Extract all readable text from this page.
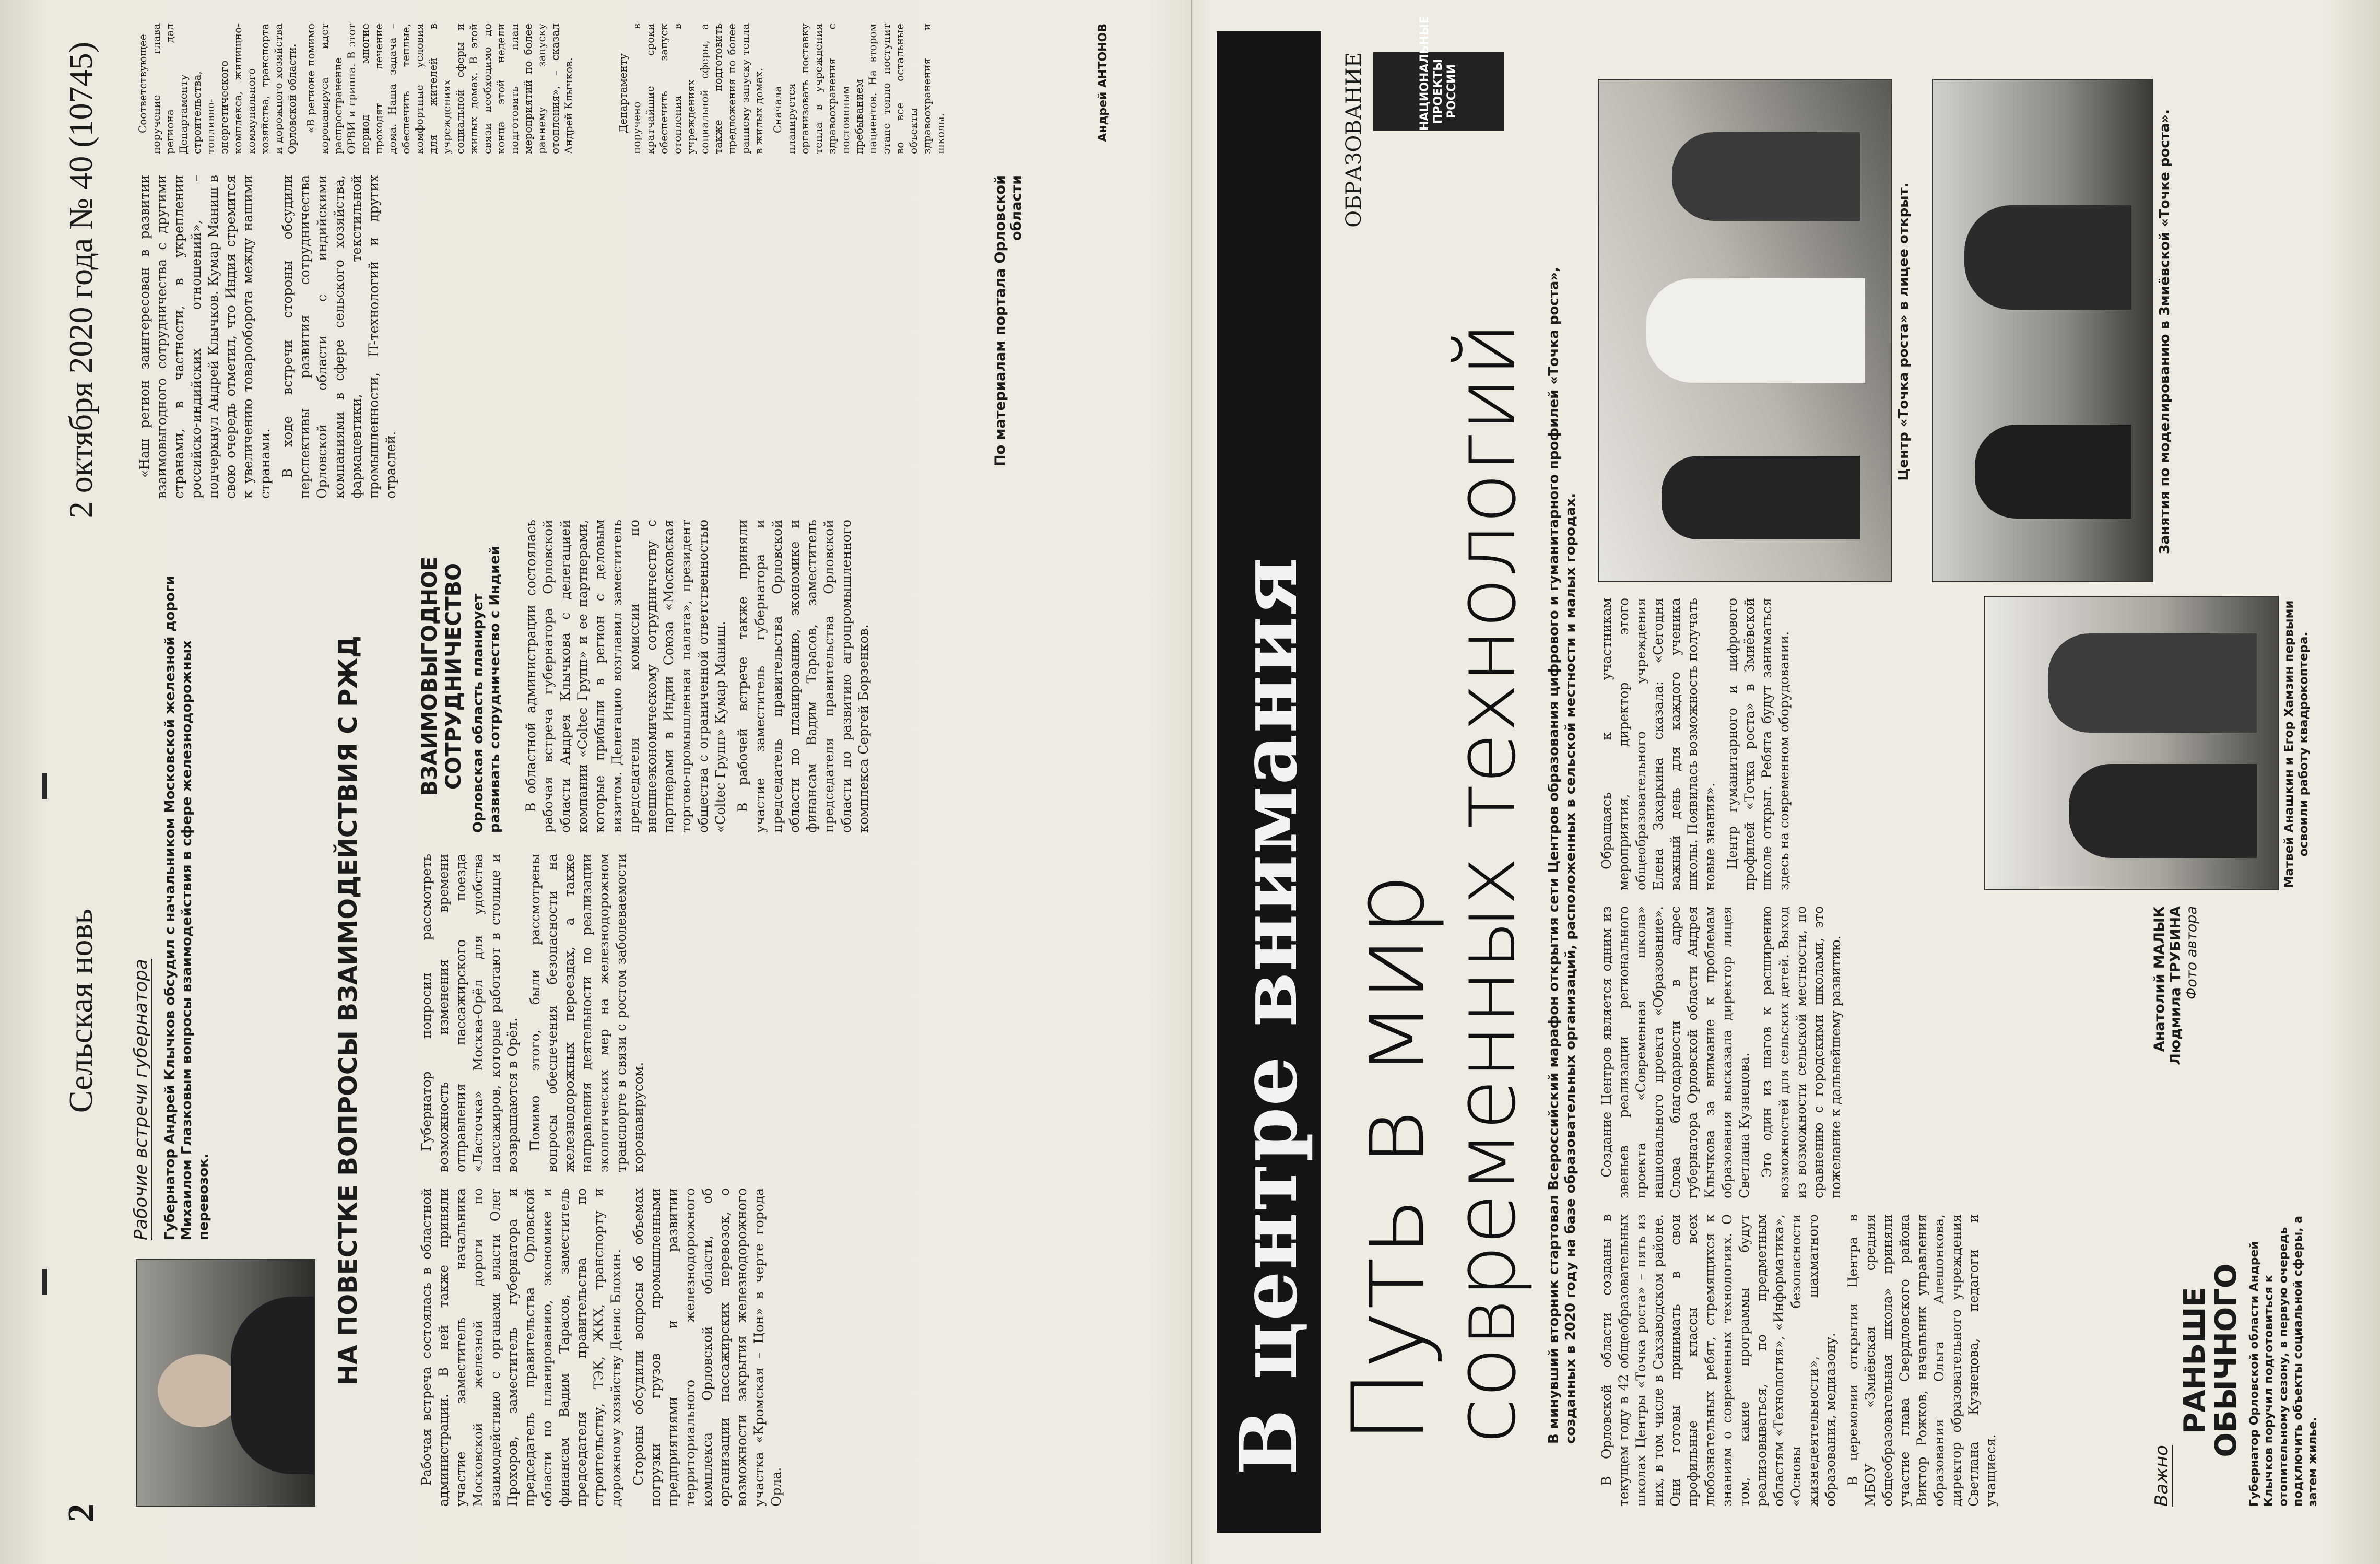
2
Сельская новь
2 октября 2020 года № 40 (10745)
Рабочие встречи губернатора Губернатор Андрей Клычков обсудил с начальником Московской железной дороги Михаилом Глазковым вопросы взаимодействия в сфере железнодорожных перевозок.	НА ПОВЕСТКЕ ВОПРОСЫ ВЗАИМОДЕЙСТВИЯ С РЖД	Рабочая встреча состоялась в областной администрации. В ней также приняли участие заместитель начальника Московской железной дороги по взаимодействию с органами власти Олег Прохоров, заместитель губернатора и председатель правительства Орловской области по планированию, экономике и финансам Вадим Тарасов, заместитель председателя правительства по строительству, ТЭК, ЖКХ, транспорту и дорожному хозяйству Денис Блохин. Стороны обсудили вопросы об объемах погрузки грузов промышленными предприятиями и развитии территориального железнодорожного комплекса Орловской области, об организации пассажирских перевозок, о возможности закрытия железнодорожного участка «Кромская – Цон» в черте города Орла.

Губернатор попросил рассмотреть возможность изменения времени отправления пассажирского поезда «Ласточка» Москва-Орёл для удобства пассажиров, которые работают в столице и возвращаются в Орёл. Помимо этого, были рассмотрены вопросы обеспечения безопасности на железнодорожных переездах, а также направления деятельности по реализации экологических мер на железнодорожном транспорте в связи с ростом заболеваемости коронавирусом.

ВЗАИМОВЫГОДНОЕ СОТРУДНИЧЕСТВО Орловская область планирует развивать сотрудничество с Индией В областной администрации состоялась рабочая встреча губернатора Орловской области Андрея Клычкова с делегацией компании «Coltec Групп» и ее партнерами, которые прибыли в регион с деловым визитом. Делегацию возглавил заместитель председателя комиссии по внешнеэкономическому сотрудничеству с партнерами в Индии Союза «Московская торгово-промышленная палата», президент общества с ограниченной ответственностью «Coltec Групп» Кумар Маниш. В рабочей встрече также приняли участие заместитель губернатора и председатель правительства Орловской области по планированию, экономике и финансам Вадим Тарасов, заместитель председателя правительства Орловской области по развитию агропромышленного комплекса Сергей Борзенков.

«Наш регион заинтересован в развитии взаимовыгодного сотрудничества с другими странами, в частности, в укреплении российско-индийских отношений», – подчеркнул Андрей Клычков. Кумар Маниш в свою очередь отметил, что Индия стремится к увеличению товарооборота между нашими странами. В ходе встречи стороны обсудили перспективы развития сотрудничества Орловской области с индийскими компаниями в сфере сельского хозяйства, фармацевтики, текстильной промышленности, IT-технологий и других отраслей.	По материалам портала Орловской области
В центре внимания
ОБРАЗОВАНИЕ	НАЦИОНАЛЬНЫЕ ПРОЕКТЫ РОССИИ
Путь в мир
современных технологий В минувший вторник стартовал Всероссийский марафон открытия сети Центров образования цифрового и гуманитарного профилей «Точка роста», созданных в 2020 году на базе образовательных организаций, расположенных в сельской местности и малых городах. В Орловской области созданы в текущем году в 42 общеобразовательных школах Центры «Точка роста» – пять из них, в том числе в Сахзаводском районе. Они готовы принимать в свои профильные классы всех любознательных ребят, стремящихся к знаниям о современных технологиях. О том, какие программы будут реализовываться, по предметным областям «Технология», «Информатика», «Основы безопасности жизнедеятельности», шахматного образования, медиазону. В церемонии открытия Центра в МБОУ «Змиёвская средняя общеобразовательная школа» приняли участие глава Свердловского района Виктор Рожков, начальник управления образования Ольга Алешонкова, директор образовательного учреждения Светлана Кузнецова, педагоги и учащиеся.

Создание Центров является одним из звеньев реализации регионального проекта «Современная школа» национального проекта «Образование». Слова благодарности в адрес губернатора Орловской области Андрея Клычкова за внимание к проблемам образования высказала директор лицея Светлана Кузнецова. Это один из шагов к расширению возможностей для сельских детей. Выход из возможности сельской местности, по сравнению с городскими школами, это пожелание к дальнейшему развитию.

Обращаясь к участникам мероприятия, директор этого общеобразовательного учреждения Елена Захаркина сказала: «Сегодня важный день для каждого ученика школы. Появилась возможность получать новые знания». Центр гуманитарного и цифрового профилей «Точка роста» в Змиёвской школе открыт. Ребята будут заниматься здесь на современном оборудовании.

Центр «Точка роста» в лицее открыт.	Занятия по моделированию в Змиёвской «Точке роста».
Матвей Анашкин и Егор Хамзин первыми освоили работу квадрокоптера.
Анатолий МАЛЫК Людмила ТРУБИНА Фото автора
Важно
РАНЬШЕ ОБЫЧНОГО Губернатор Орловской области Андрей Клычков поручил подготовиться к отопительному сезону, в первую очередь подключить объекты социальной сферы, а затем жилье.

Соответствующее поручение глава региона дал Департаменту строительства, топливно-энергетического комплекса, жилищно-коммунального хозяйства, транспорта и дорожного хозяйства Орловской области. «В регионе помимо коронавируса идет распространение ОРВИ и гриппа. В этот период многие проходят лечение дома. Наша задача – обеспечить теплые, комфортные условия для жителей в учреждениях социальной сферы и жилых домах. В этой связи необходимо до конца этой недели подготовить план мероприятий по более раннему запуску отопления», – сказал Андрей Клычков.	Департаменту поручено в кратчайшие сроки обеспечить запуск отопления в учреждениях социальной сферы, а также подготовить предложения по более раннему запуску тепла в жилых домах. Сначала планируется организовать поставку тепла в учреждения здравоохранения с постоянным пребыванием пациентов. На втором этапе тепло поступит во все остальные объекты здравоохранения и школы.	Андрей АНТОНОВ
